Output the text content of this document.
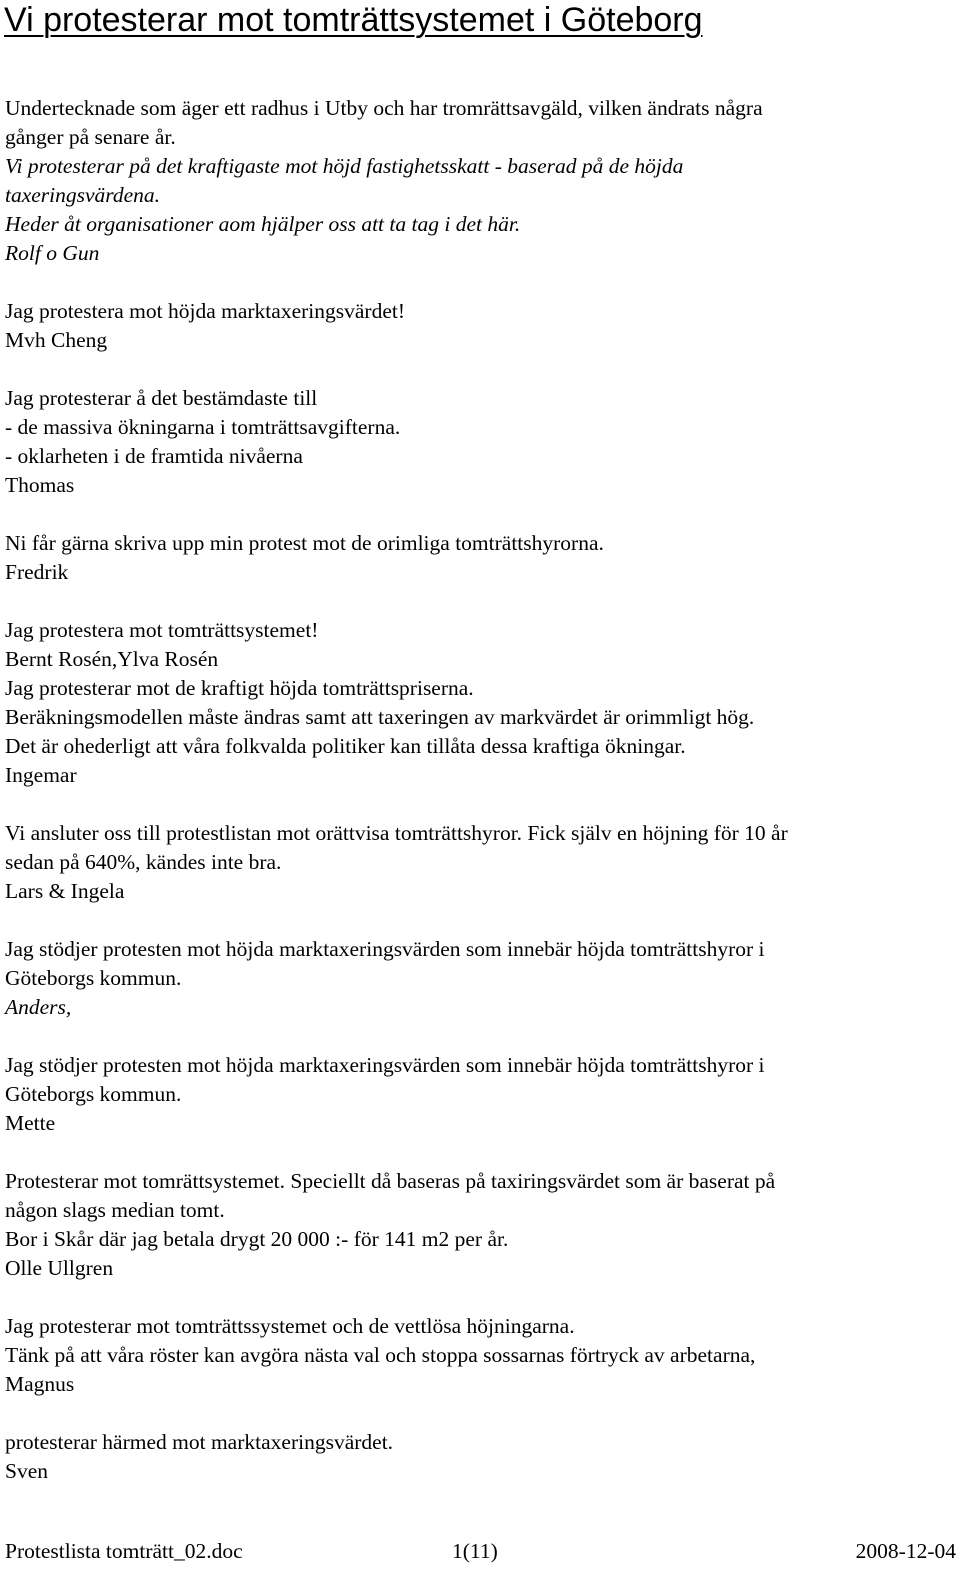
Vi protesterar mot tomträttsystemet i Göteborg
Undertecknade som äger ett radhus i Utby och har tromrättsavgäld, vilken ändrats några
gånger på senare år.
Vi protesterar på det kraftigaste mot höjd fastighetsskatt - baserad på de höjda
taxeringsvärdena.
Heder åt organisationer aom hjälper oss att ta tag i det här.
Rolf o Gun
Jag protestera mot höjda marktaxeringsvärdet!
Mvh Cheng
Jag protesterar å det bestämdaste till
- de massiva ökningarna i tomträttsavgifterna.
- oklarheten i de framtida nivåerna
Thomas
Ni får gärna skriva upp min protest mot de orimliga tomträttshyrorna.
Fredrik
Jag protestera mot tomträttsystemet!
Bernt Rosén,Ylva Rosén
Jag protesterar mot de kraftigt höjda tomträttspriserna.
Beräkningsmodellen måste ändras samt att taxeringen av markvärdet är orimmligt hög.
Det är ohederligt att våra folkvalda politiker kan tillåta dessa kraftiga ökningar.
Ingemar
Vi ansluter oss till protestlistan mot orättvisa tomträttshyror. Fick själv en höjning för 10 år
sedan på 640%, kändes inte bra.
Lars & Ingela
Jag stödjer protesten mot höjda marktaxeringsvärden som innebär höjda tomträttshyror i
Göteborgs kommun.
Anders,
Jag stödjer protesten mot höjda marktaxeringsvärden som innebär höjda tomträttshyror i
Göteborgs kommun.
Mette
Protesterar mot tomrättsystemet. Speciellt då baseras på taxiringsvärdet som är baserat på
någon slags median tomt.
Bor i Skår där jag betala drygt 20 000 :- för 141 m2 per år.
Olle Ullgren
Jag protesterar mot tomträttssystemet och de vettlösa höjningarna.
Tänk på att våra röster kan avgöra nästa val och stoppa sossarnas förtryck av arbetarna,
Magnus
protesterar härmed mot marktaxeringsvärdet.
Sven
Protestlista tomträtt_02.doc	1(11)	2008-12-04
